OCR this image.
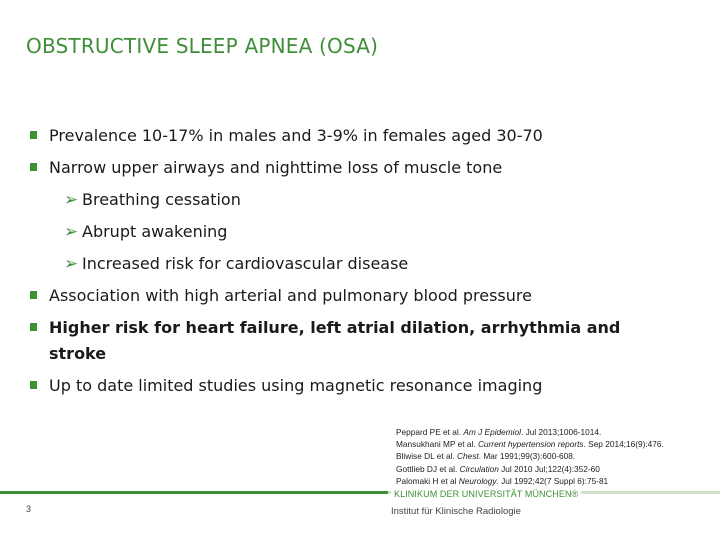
OBSTRUCTIVE SLEEP APNEA (OSA)
Prevalence 10-17% in males and 3-9% in females aged 30-70
Narrow upper airways and nighttime loss of muscle tone
➢ Breathing cessation
➢ Abrupt awakening
➢ Increased risk for cardiovascular disease
Association with high arterial and pulmonary blood pressure
Higher risk for heart failure, left atrial dilation, arrhythmia and stroke
Up to date limited studies using magnetic resonance imaging
Peppard PE et al. Am J Epidemiol. Jul 2013;1006-1014.
Mansukhani MP et al. Current hypertension reports. Sep 2014;16(9):476.
Bliwise DL et al. Chest. Mar 1991;99(3):600-608.
Gottlieb DJ et al. Circulation Jul 2010 Jul;122(4):352-60
Palomaki H et al Neurology. Jul 1992;42(7 Suppl 6):75-81
KLINIKUM DER UNIVERSITÄT MÜNCHEN®
3	Institut für Klinische Radiologie
